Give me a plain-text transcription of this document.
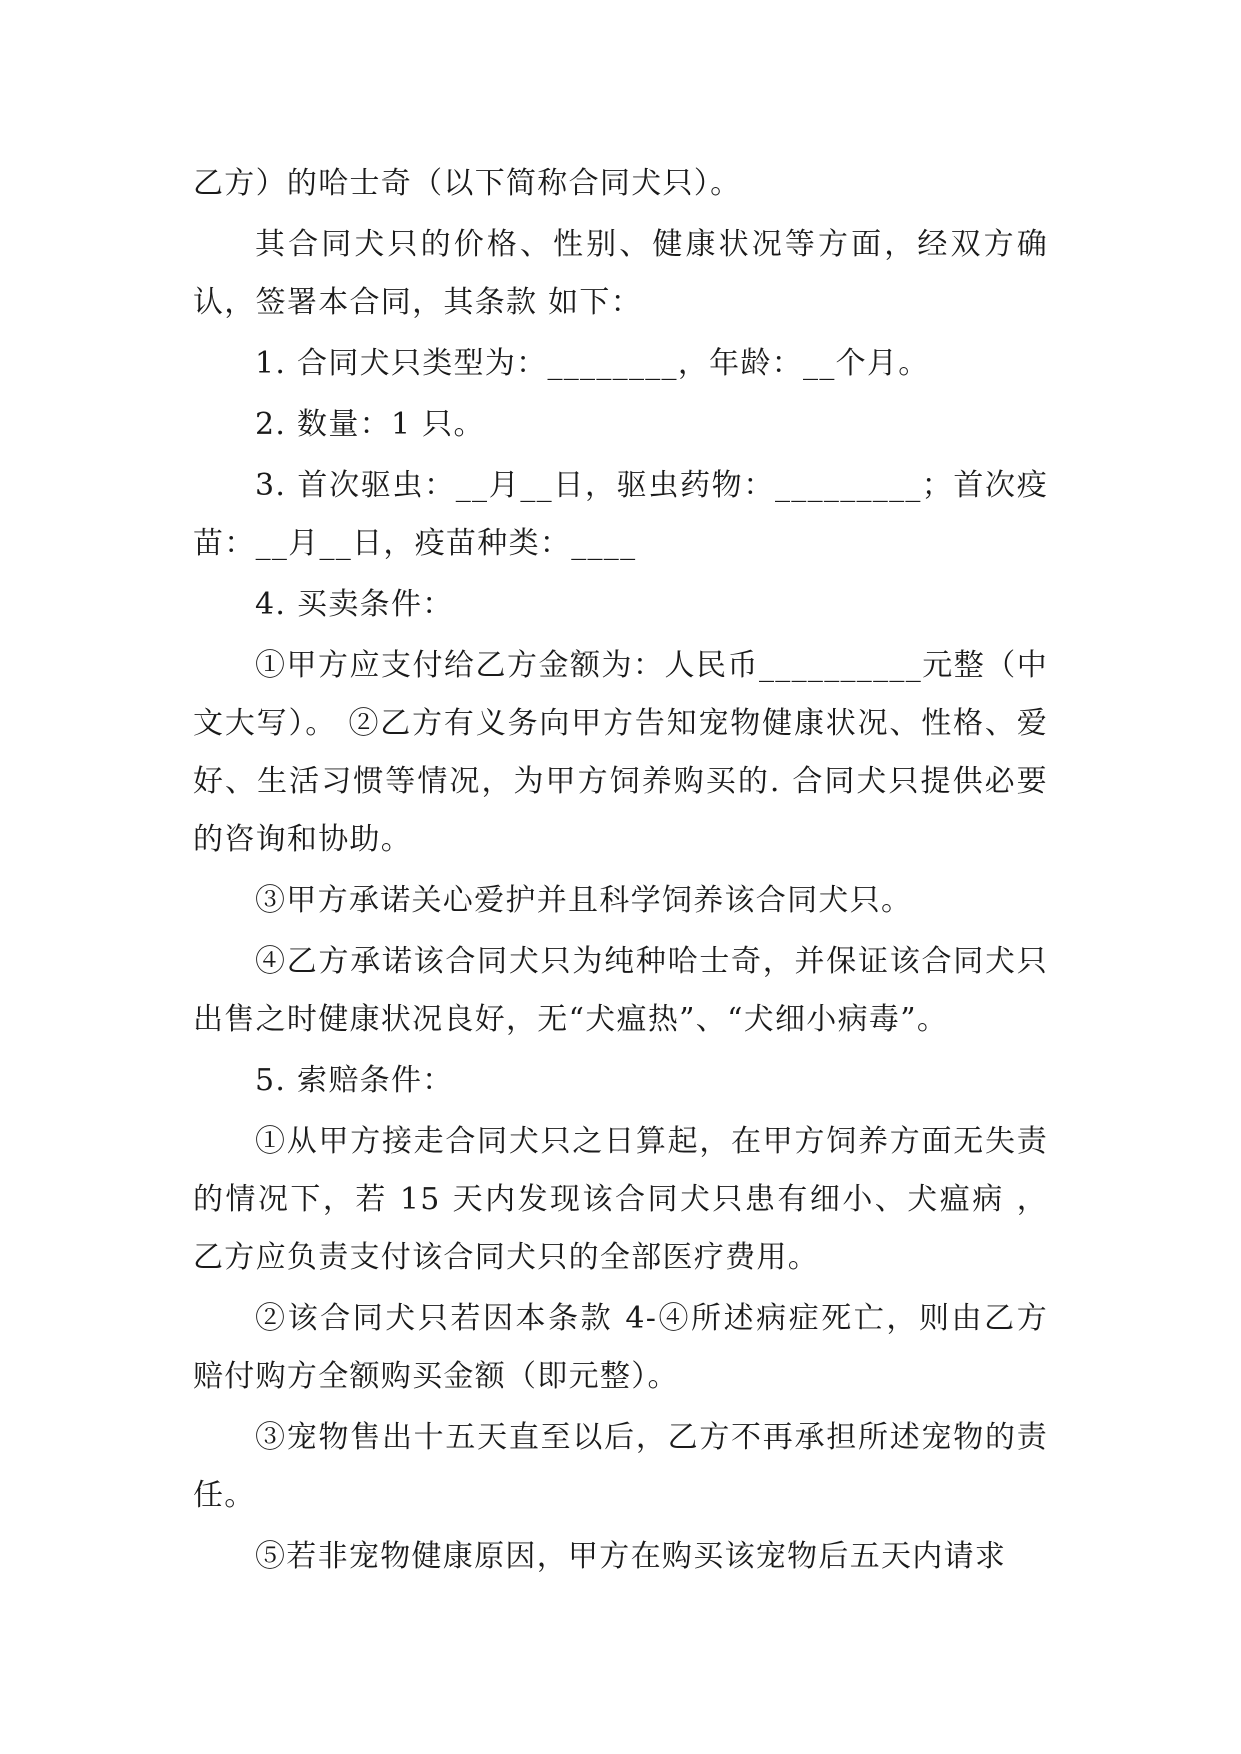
乙方）的哈士奇（以下简称合同犬只）。

其合同犬只的价格、性别、健康状况等方面，经双方确认，签署本合同，其条款 如下：

1. 合同犬只类型为：________，年龄：__个月。

2. 数量：1 只。

3. 首次驱虫：__月__日，驱虫药物：_________；首次疫苗：__月__日，疫苗种类：____

4. 买卖条件：

①甲方应支付给乙方金额为：人民币__________元整（中文大写）。 ②乙方有义务向甲方告知宠物健康状况、性格、爱好、生活习惯等情况，为甲方饲养购买的. 合同犬只提供必要的咨询和协助。

③甲方承诺关心爱护并且科学饲养该合同犬只。

④乙方承诺该合同犬只为纯种哈士奇，并保证该合同犬只出售之时健康状况良好，无“犬瘟热”、“犬细小病毒”。

5. 索赔条件：

①从甲方接走合同犬只之日算起，在甲方饲养方面无失责的情况下，若 15 天内发现该合同犬只患有细小、犬瘟病 ，乙方应负责支付该合同犬只的全部医疗费用。

②该合同犬只若因本条款 4-④所述病症死亡，则由乙方赔付购方全额购买金额（即元整）。

③宠物售出十五天直至以后，乙方不再承担所述宠物的责任。

⑤若非宠物健康原因，甲方在购买该宠物后五天内请求
